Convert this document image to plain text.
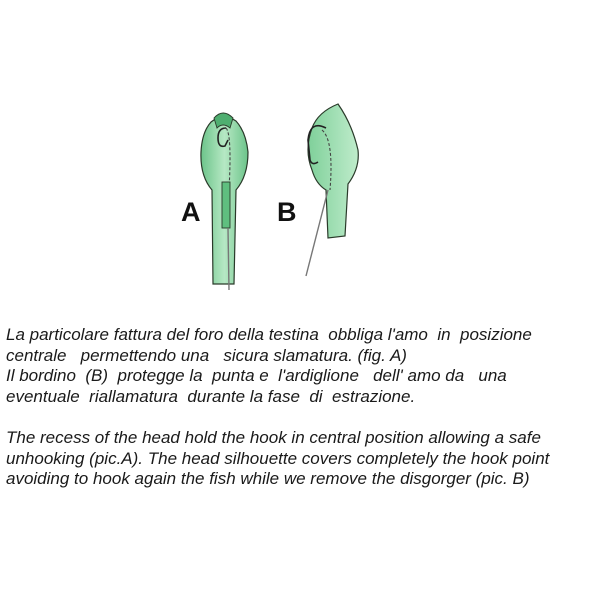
A	B
La particolare fattura del foro della testina  obbliga l'amo  in  posizione
centrale   permettendo una   sicura slamatura. (fig. A)
Il bordino  (B)  protegge la  punta e  l'ardiglione   dell' amo da   una
eventuale  riallamatura  durante la fase  di  estrazione.
The recess of the head hold the hook in central position allowing a safe
unhooking (pic.A). The head silhouette covers completely the hook point
avoiding to hook again the fish while we remove the disgorger (pic. B)
